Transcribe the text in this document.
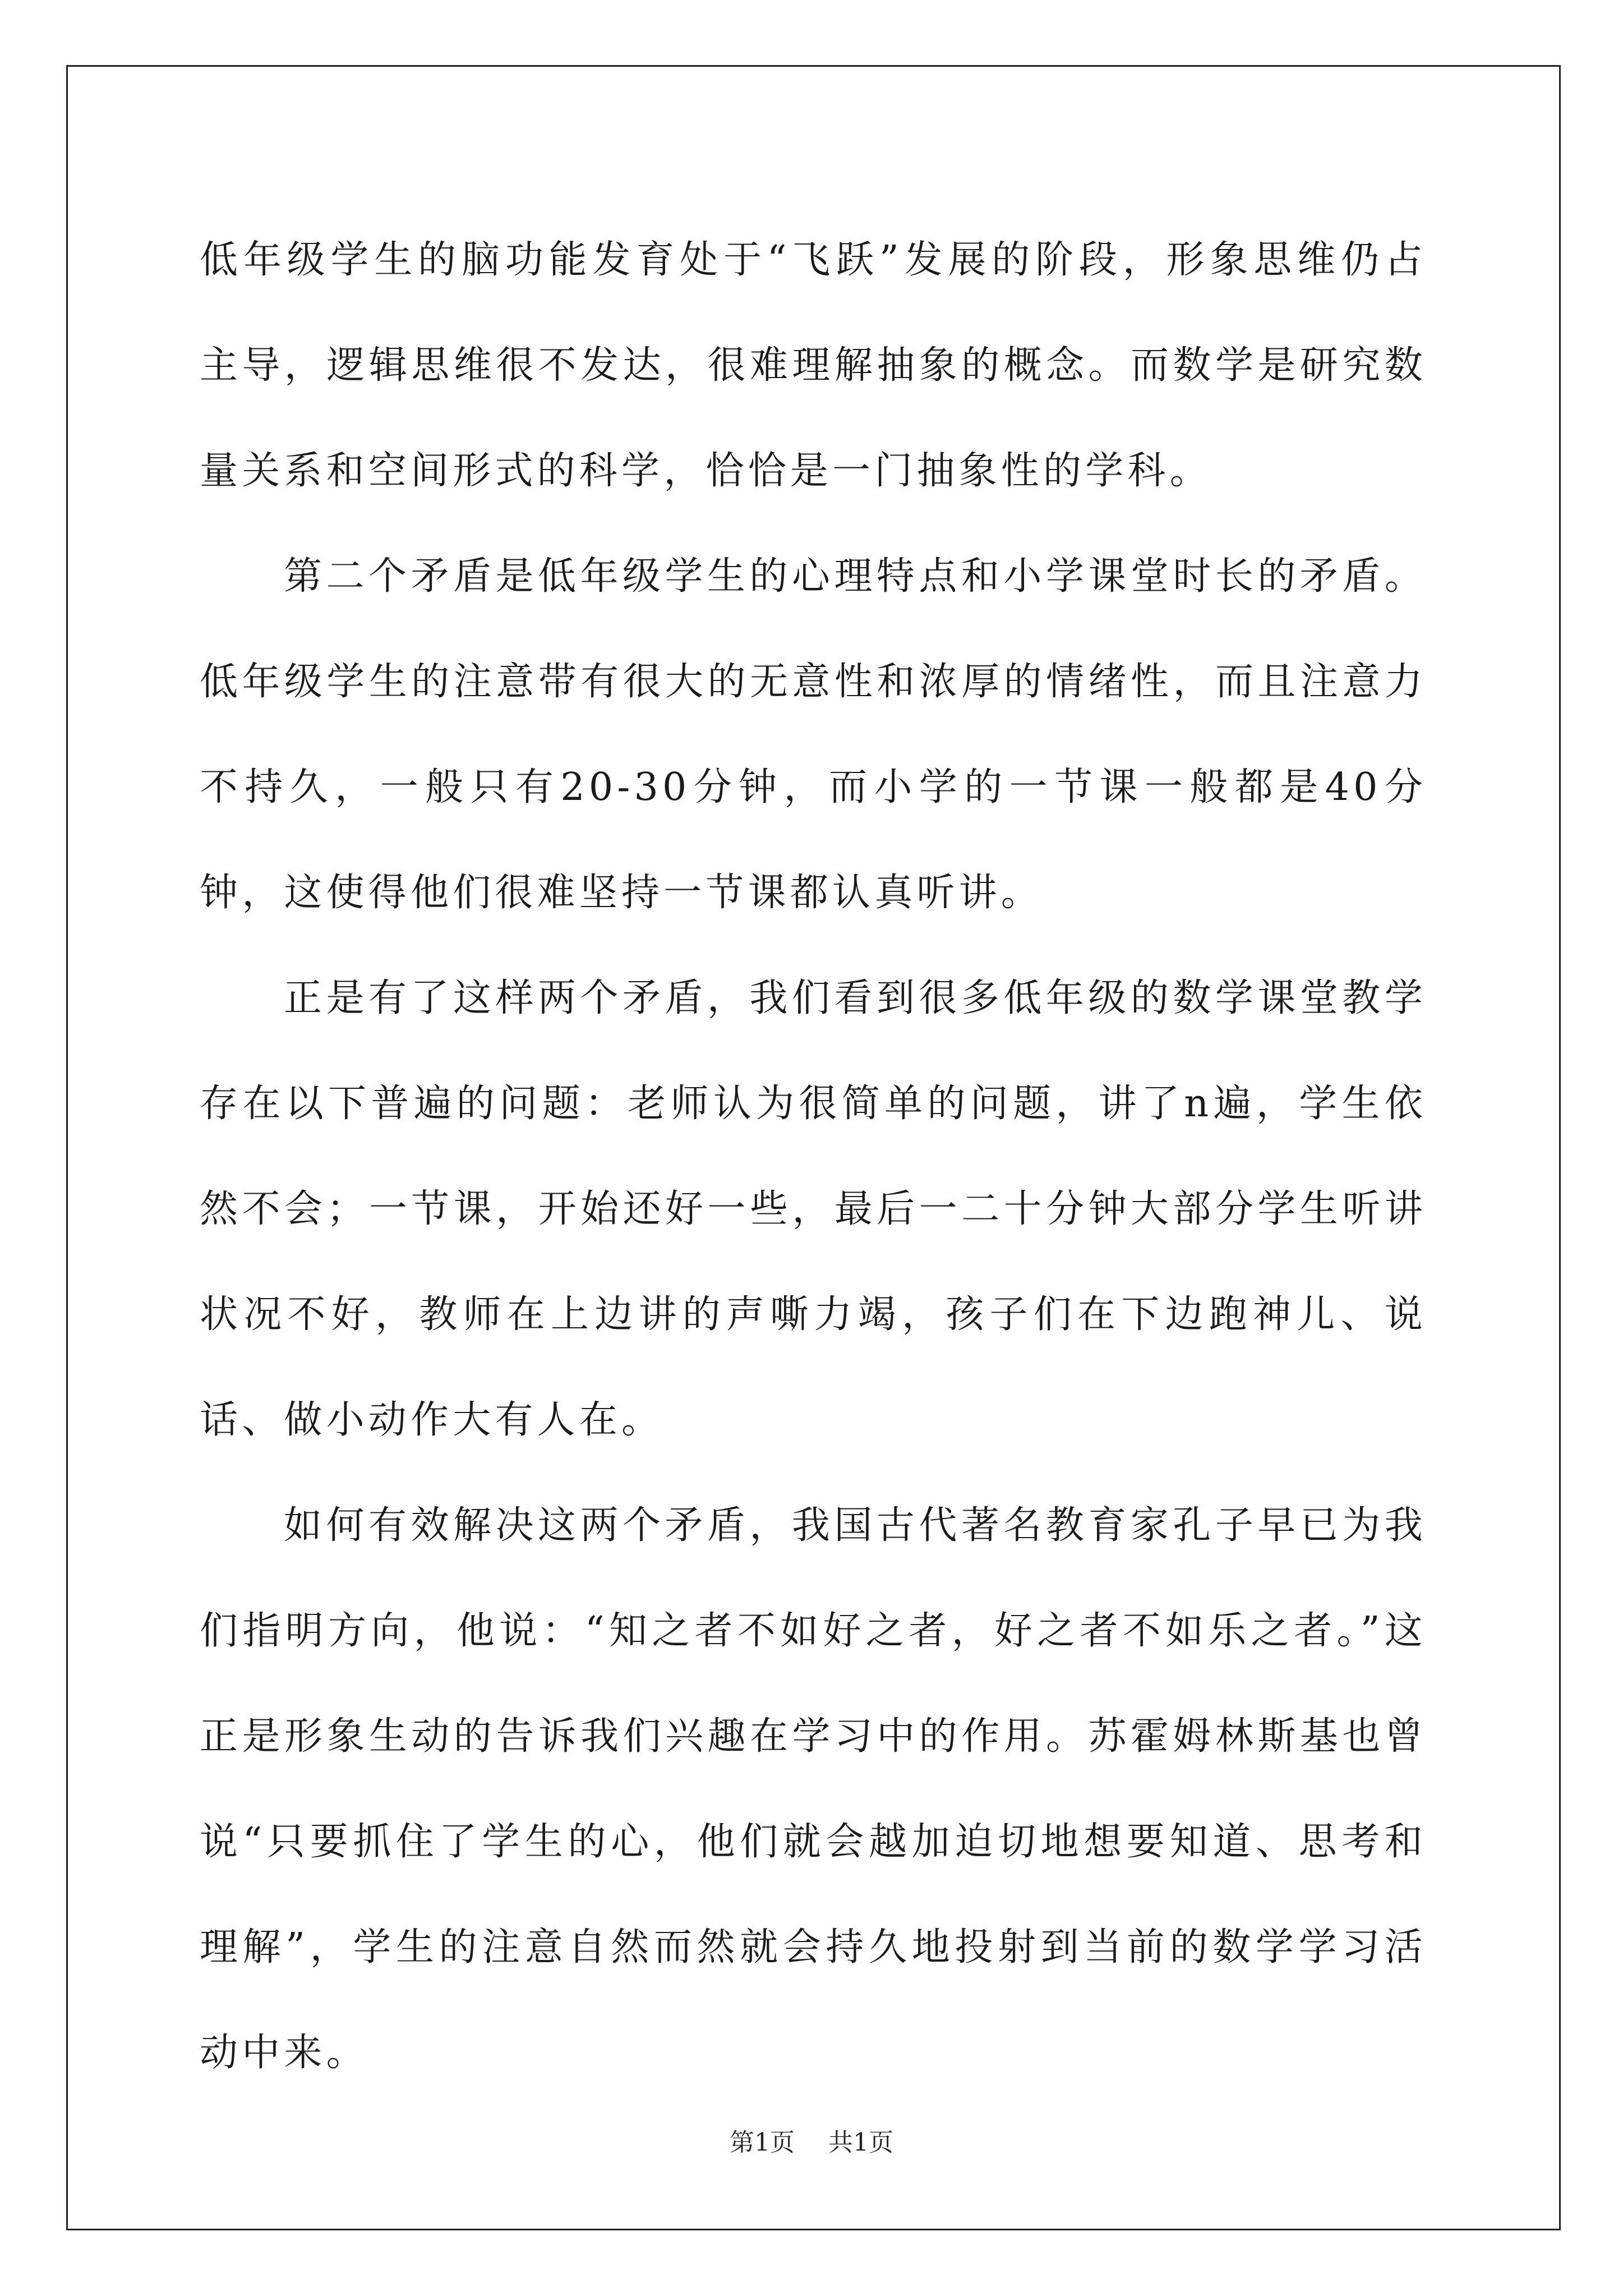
低年级学生的脑功能发育处于“飞跃”发展的阶段，形象思维仍占主导，逻辑思维很不发达，很难理解抽象的概念。而数学是研究数量关系和空间形式的科学，恰恰是一门抽象性的学科。

第二个矛盾是低年级学生的心理特点和小学课堂时长的矛盾。低年级学生的注意带有很大的无意性和浓厚的情绪性，而且注意力不持久，一般只有20-30分钟，而小学的一节课一般都是40分钟，这使得他们很难坚持一节课都认真听讲。

正是有了这样两个矛盾，我们看到很多低年级的数学课堂教学存在以下普遍的问题：老师认为很简单的问题，讲了n遍，学生依然不会；一节课，开始还好一些，最后一二十分钟大部分学生听讲状况不好，教师在上边讲的声嘶力竭，孩子们在下边跑神儿、说话、做小动作大有人在。

如何有效解决这两个矛盾，我国古代著名教育家孔子早已为我们指明方向，他说：“知之者不如好之者，好之者不如乐之者。”这正是形象生动的告诉我们兴趣在学习中的作用。苏霍姆林斯基也曾说“只要抓住了学生的心，他们就会越加迫切地想要知道、思考和理解”，学生的注意自然而然就会持久地投射到当前的数学学习活动中来。

第1页 共1页
